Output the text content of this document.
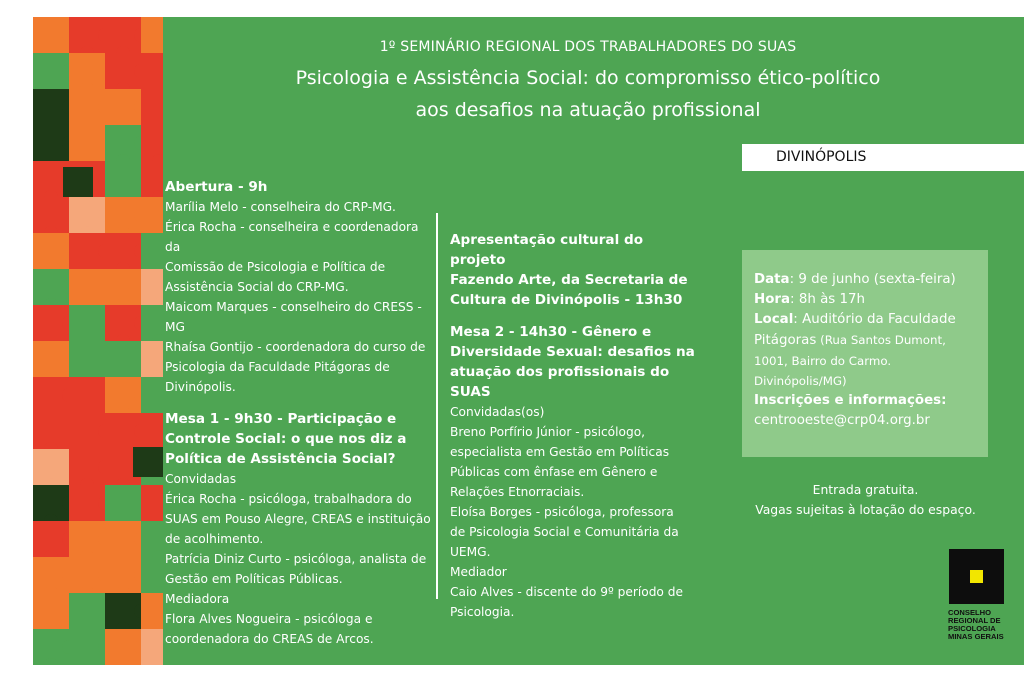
1º SEMINÁRIO REGIONAL DOS TRABALHADORES DO SUAS
Psicologia e Assistência Social: do compromisso ético-político
aos desafios na atuação profissional
DIVINÓPOLIS

Abertura - 9h

Marília Melo - conselheira do CRP-MG.

Érica Rocha - conselheira e coordenadora da

Comissão de Psicologia e Política de

Assistência Social do CRP-MG.

Maicom Marques - conselheiro do CRESS - MG

Rhaísa Gontijo - coordenadora do curso de

Psicologia da Faculdade Pitágoras de

Divinópolis.

Mesa 1 - 9h30 - Participação e

Controle Social: o que nos diz a

Política de Assistência Social?

Convidadas

Érica Rocha - psicóloga, trabalhadora do

SUAS em Pouso Alegre, CREAS e instituição

de acolhimento.

Patrícia Diniz Curto - psicóloga, analista de

Gestão em Políticas Públicas.

Mediadora

Flora Alves Nogueira - psicóloga e

coordenadora do CREAS de Arcos.

Apresentação cultural do projeto

Fazendo Arte, da Secretaria de

Cultura de Divinópolis - 13h30

Mesa 2 - 14h30 - Gênero e

Diversidade Sexual: desafios na

atuação dos profissionais do

SUAS

Convidadas(os)

Breno Porfírio Júnior - psicólogo,

especialista em Gestão em Políticas

Públicas com ênfase em Gênero e

Relações Etnorraciais.

Eloísa Borges - psicóloga, professora

de Psicologia Social e Comunitária da

UEMG.

Mediador

Caio Alves - discente do 9º período de

Psicologia.

Data: 9 de junho (sexta-feira)
Hora: 8h às 17h
Local: Auditório da Faculdade
Pitágoras (Rua Santos Dumont,
1001, Bairro do Carmo.
Divinópolis/MG)
Inscrições e informações:
centrooeste@crp04.org.br
Entrada gratuita.
Vagas sujeitas à lotação do espaço.
CONSELHO
REGIONAL DE
PSICOLOGIA
MINAS GERAIS
